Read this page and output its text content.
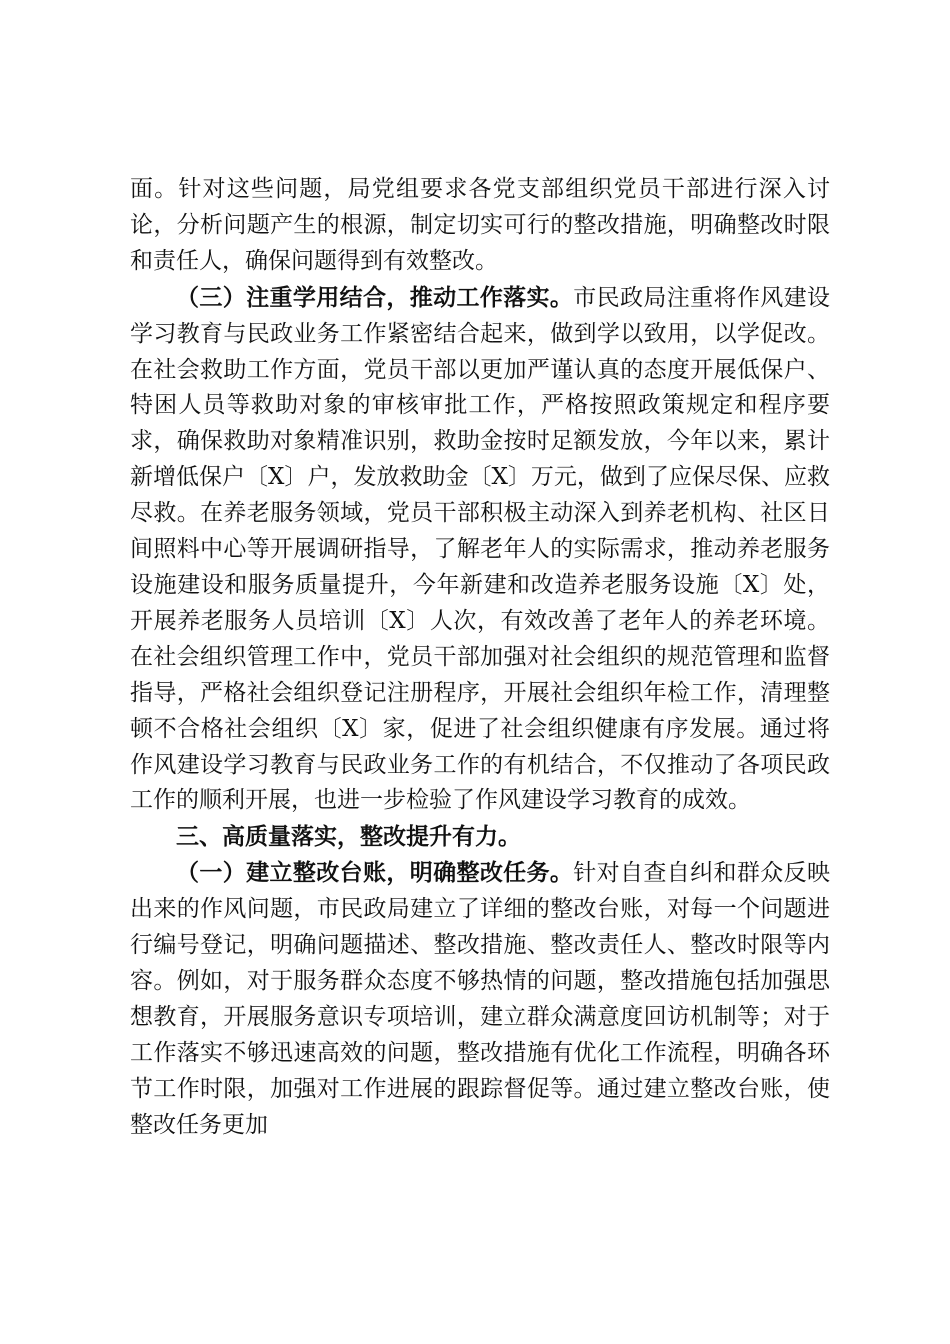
面。针对这些问题，局党组要求各党支部组织党员干部进行深入讨论，分析问题产生的根源，制定切实可行的整改措施，明确整改时限和责任人，确保问题得到有效整改。

（三）注重学用结合，推动工作落实。市民政局注重将作风建设学习教育与民政业务工作紧密结合起来，做到学以致用，以学促改。在社会救助工作方面，党员干部以更加严谨认真的态度开展低保户、特困人员等救助对象的审核审批工作，严格按照政策规定和程序要求，确保救助对象精准识别，救助金按时足额发放，今年以来，累计新增低保户〔X〕户，发放救助金〔X〕万元，做到了应保尽保、应救尽救。在养老服务领域，党员干部积极主动深入到养老机构、社区日间照料中心等开展调研指导，了解老年人的实际需求，推动养老服务设施建设和服务质量提升，今年新建和改造养老服务设施〔X〕处，开展养老服务人员培训〔X〕人次，有效改善了老年人的养老环境。在社会组织管理工作中，党员干部加强对社会组织的规范管理和监督指导，严格社会组织登记注册程序，开展社会组织年检工作，清理整顿不合格社会组织〔X〕家，促进了社会组织健康有序发展。通过将作风建设学习教育与民政业务工作的有机结合，不仅推动了各项民政工作的顺利开展，也进一步检验了作风建设学习教育的成效。

三、高质量落实，整改提升有力。

（一）建立整改台账，明确整改任务。针对自查自纠和群众反映出来的作风问题，市民政局建立了详细的整改台账，对每一个问题进行编号登记，明确问题描述、整改措施、整改责任人、整改时限等内容。例如，对于服务群众态度不够热情的问题，整改措施包括加强思想教育，开展服务意识专项培训，建立群众满意度回访机制等；对于工作落实不够迅速高效的问题，整改措施有优化工作流程，明确各环节工作时限，加强对工作进展的跟踪督促等。通过建立整改台账，使整改任务更加
